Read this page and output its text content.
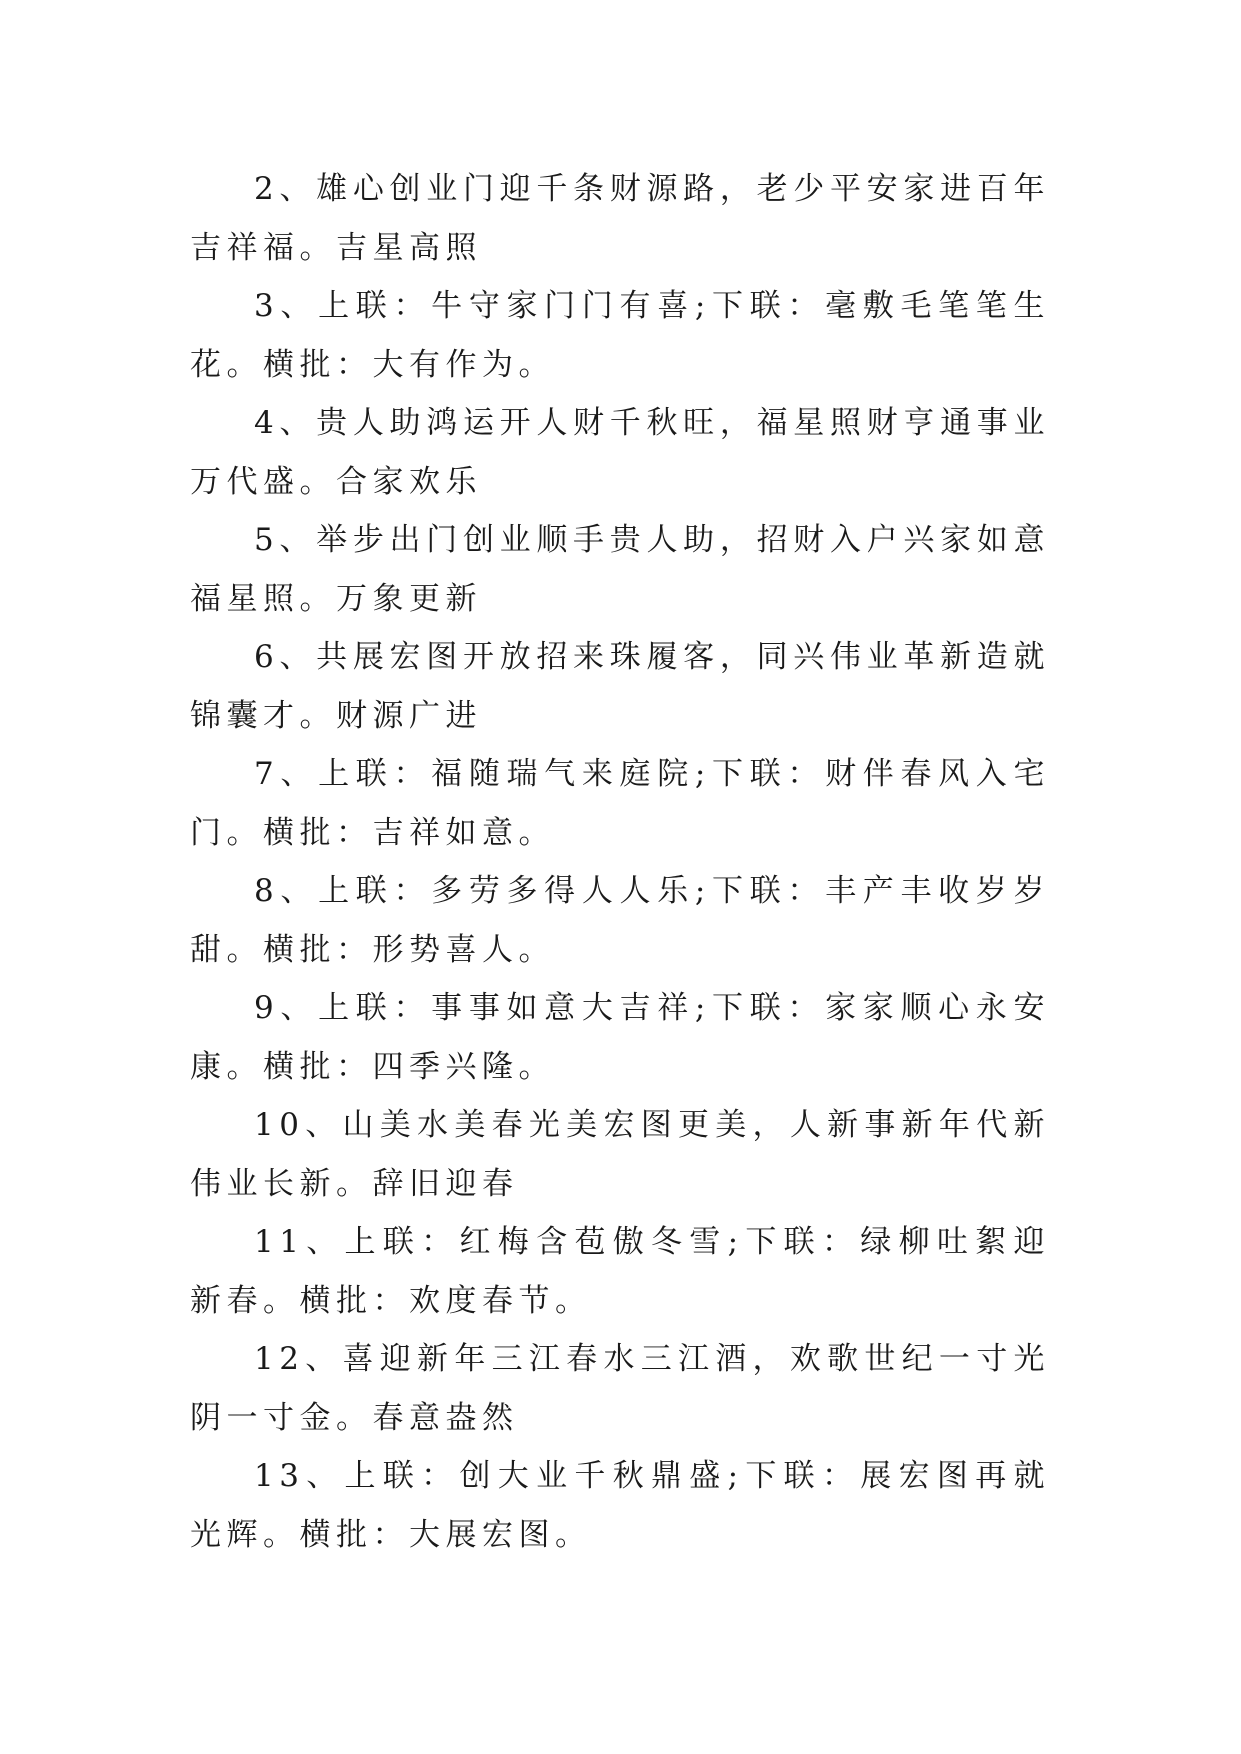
2、雄心创业门迎千条财源路，老少平安家进百年吉祥福。吉星高照

3、上联：牛守家门门有喜;下联：毫敷毛笔笔生花。横批：大有作为。

4、贵人助鸿运开人财千秋旺，福星照财亨通事业万代盛。合家欢乐

5、举步出门创业顺手贵人助，招财入户兴家如意福星照。万象更新

6、共展宏图开放招来珠履客，同兴伟业革新造就锦囊才。财源广进

7、上联：福随瑞气来庭院;下联：财伴春风入宅门。横批：吉祥如意。

8、上联：多劳多得人人乐;下联：丰产丰收岁岁甜。横批：形势喜人。

9、上联：事事如意大吉祥;下联：家家顺心永安康。横批：四季兴隆。

10、山美水美春光美宏图更美，人新事新年代新伟业长新。辞旧迎春

11、上联：红梅含苞傲冬雪;下联：绿柳吐絮迎新春。横批：欢度春节。

12、喜迎新年三江春水三江酒，欢歌世纪一寸光阴一寸金。春意盎然

13、上联：创大业千秋鼎盛;下联：展宏图再就光辉。横批：大展宏图。
